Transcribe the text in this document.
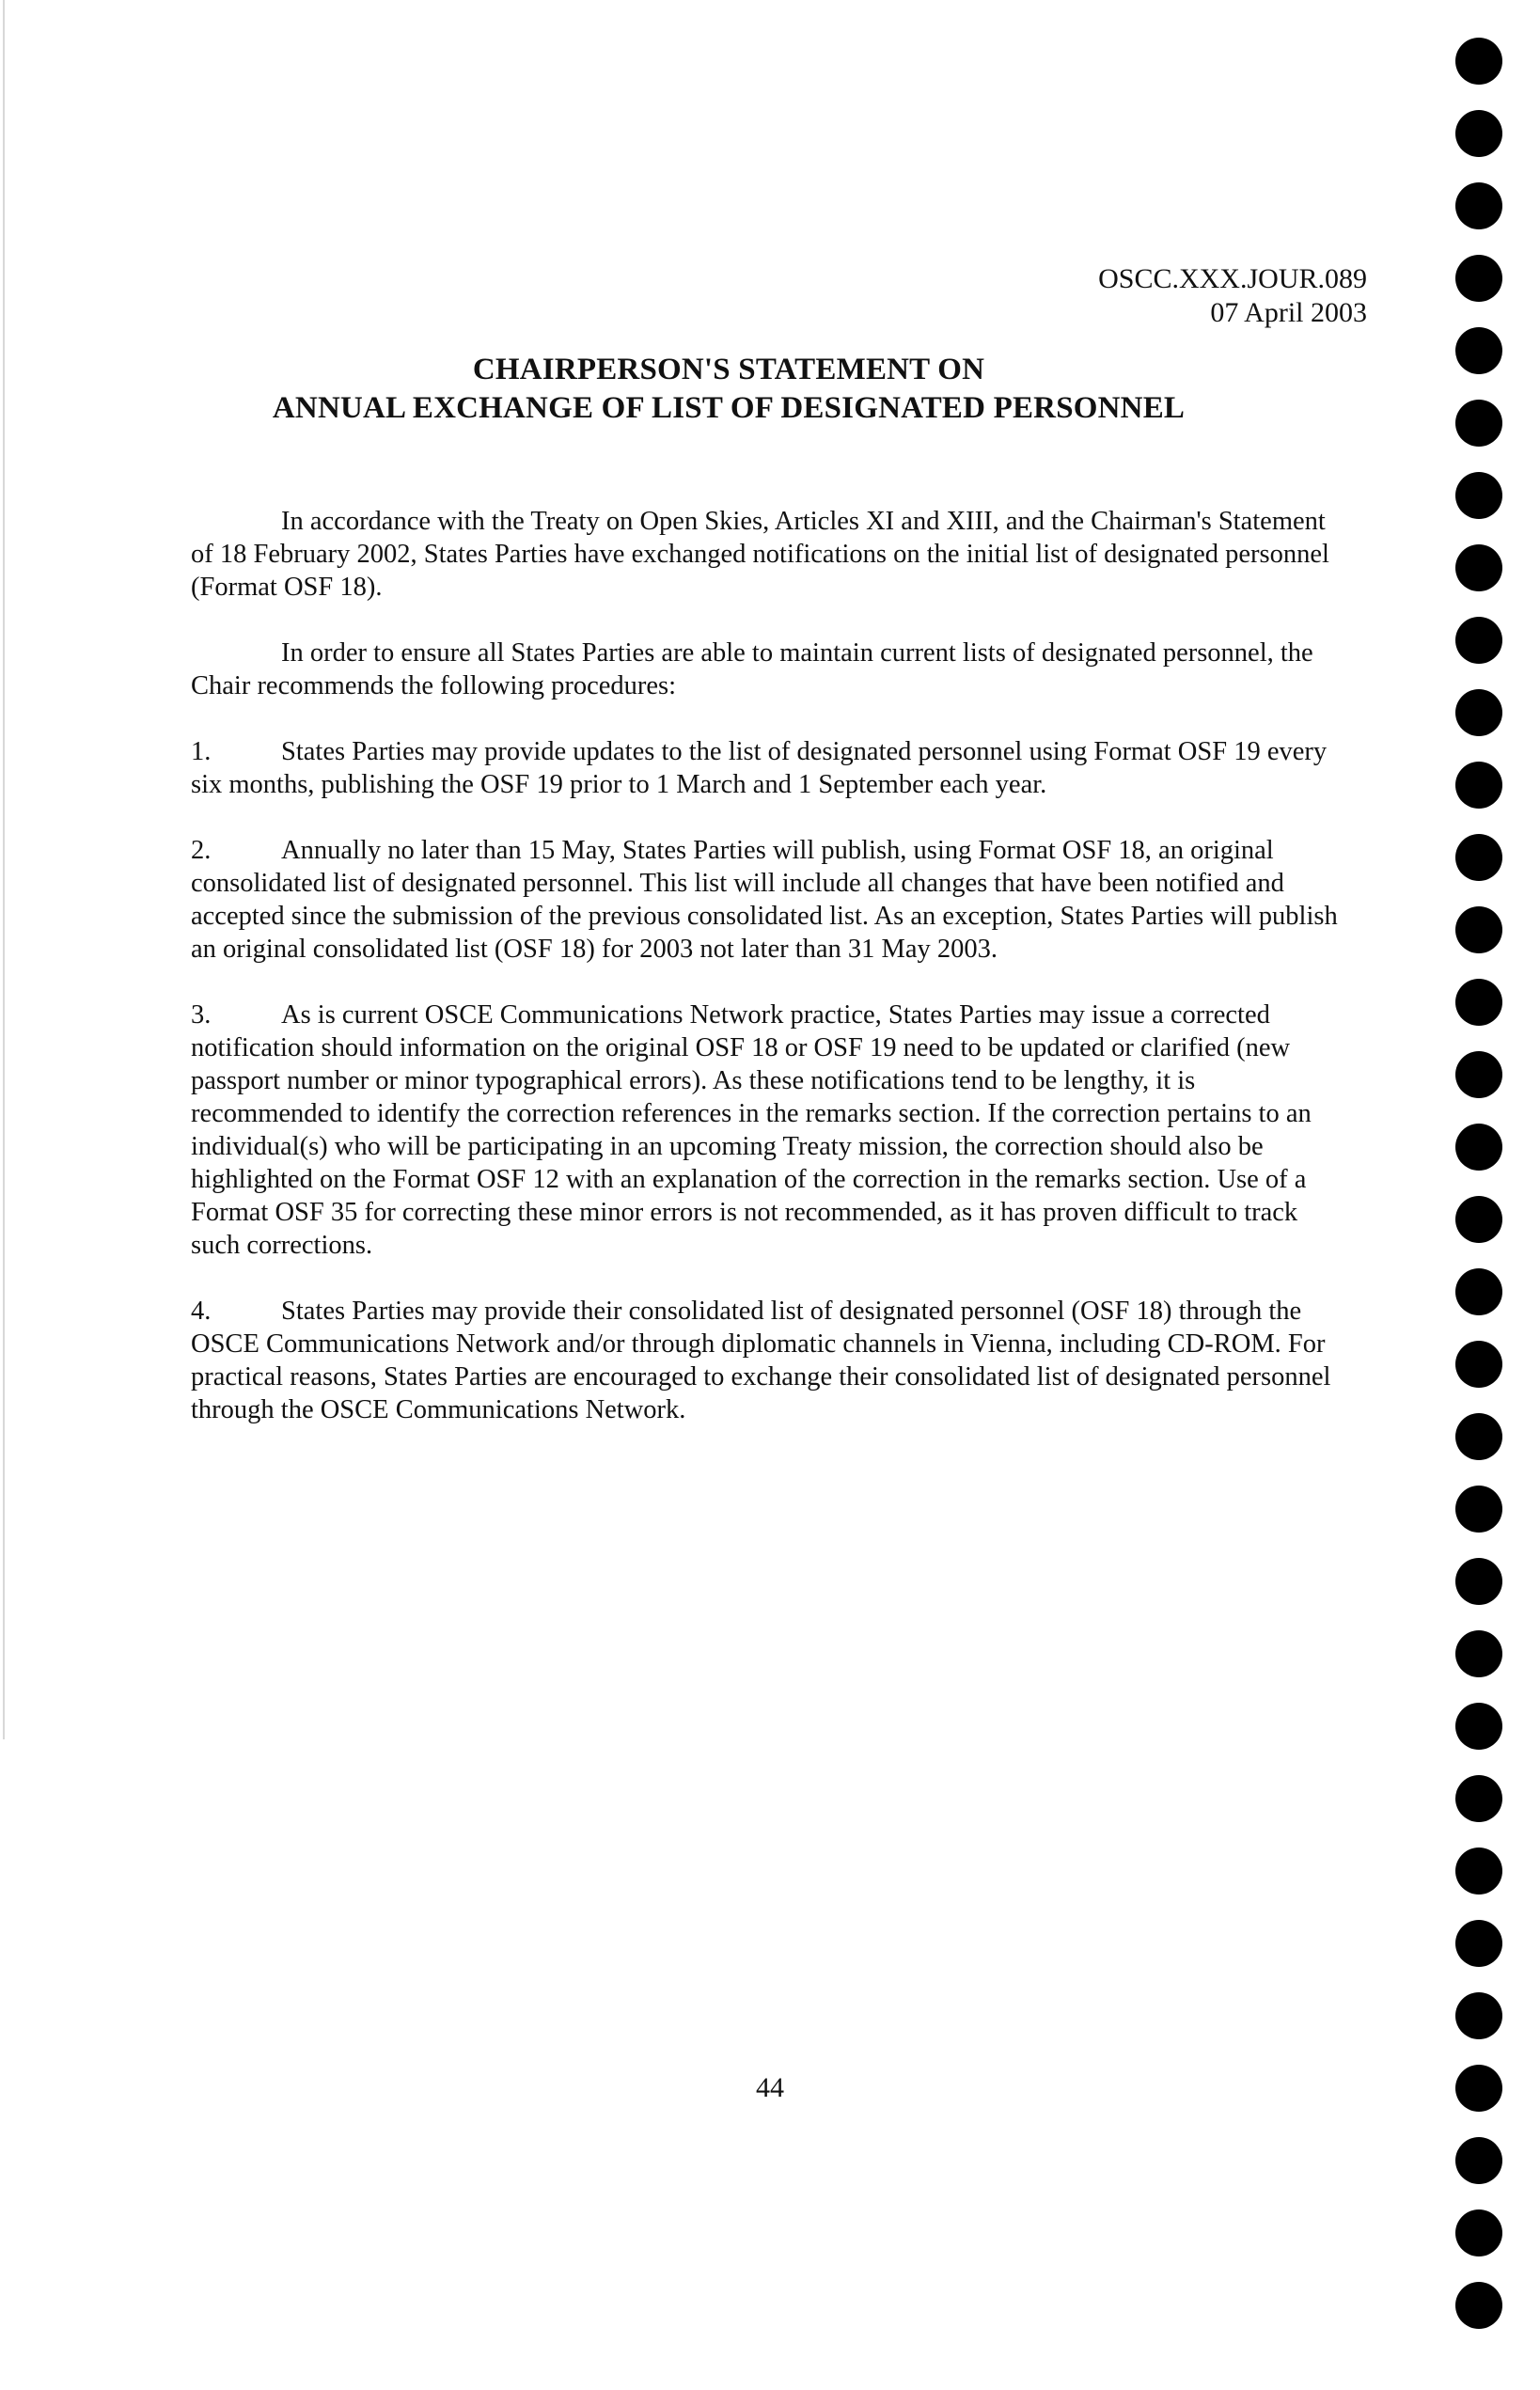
OSCC.XXX.JOUR.089
07 April 2003
CHAIRPERSON'S STATEMENT ON
ANNUAL EXCHANGE OF LIST OF DESIGNATED PERSONNEL

In accordance with the Treaty on Open Skies, Articles XI and XIII, and the Chairman's Statement of 18 February 2002, States Parties have exchanged notifications on the initial list of designated personnel (Format OSF 18).

In order to ensure all States Parties are able to maintain current lists of designated personnel, the Chair recommends the following procedures:

1.	States Parties may provide updates to the list of designated personnel using Format OSF 19 every six months, publishing the OSF 19 prior to 1 March and 1 September each year.

2.	Annually no later than 15 May, States Parties will publish, using Format OSF 18, an original consolidated list of designated personnel. This list will include all changes that have been notified and accepted since the submission of the previous consolidated list. As an exception, States Parties will publish an original consolidated list (OSF 18) for 2003 not later than 31 May 2003.

3.	As is current OSCE Communications Network practice, States Parties may issue a corrected notification should information on the original OSF 18 or OSF 19 need to be updated or clarified (new passport number or minor typographical errors). As these notifications tend to be lengthy, it is recommended to identify the correction references in the remarks section. If the correction pertains to an individual(s) who will be participating in an upcoming Treaty mission, the correction should also be highlighted on the Format OSF 12 with an explanation of the correction in the remarks section. Use of a Format OSF 35 for correcting these minor errors is not recommended, as it has proven difficult to track such corrections.

4.	States Parties may provide their consolidated list of designated personnel (OSF 18) through the OSCE Communications Network and/or through diplomatic channels in Vienna, including CD-ROM. For practical reasons, States Parties are encouraged to exchange their consolidated list of designated personnel through the OSCE Communications Network.

44
